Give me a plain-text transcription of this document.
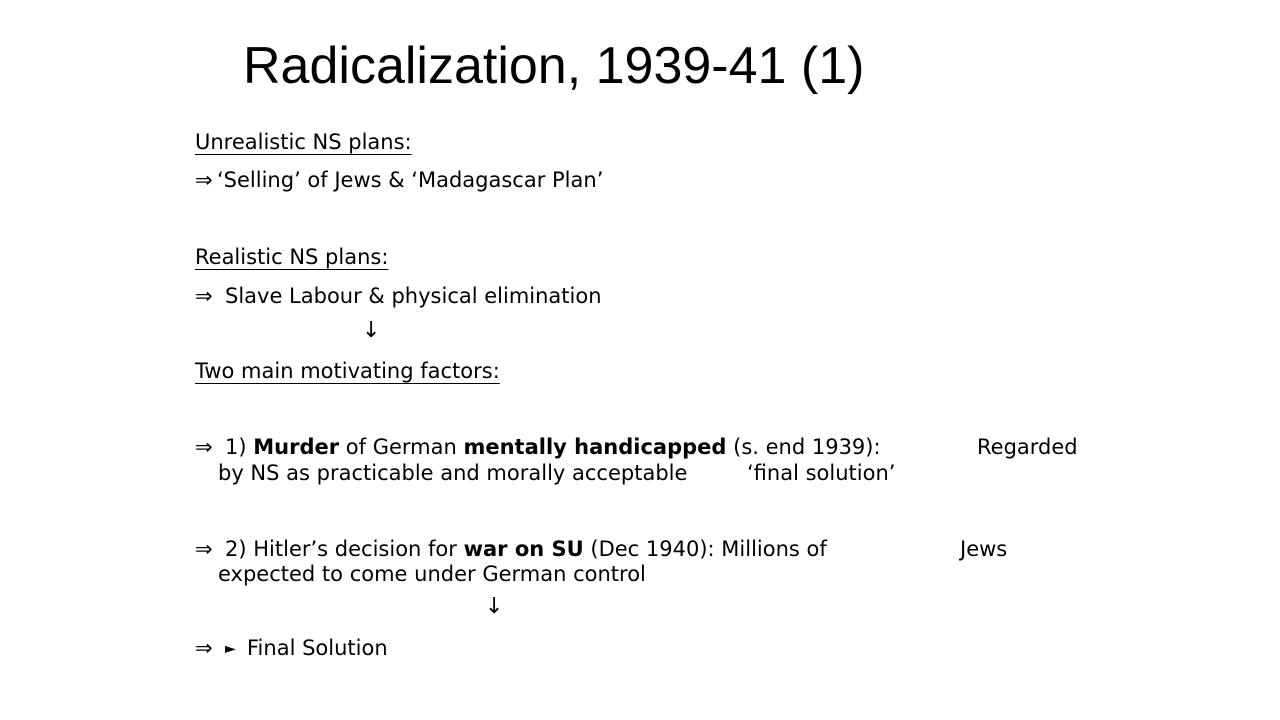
Radicalization, 1939-41 (1)
Unrealistic NS plans:
⇒ ‘Selling’ of Jews & ‘Madagascar Plan’
Realistic NS plans:
⇒ Slave Labour & physical elimination
↓
Two main motivating factors:
⇒ 1) Murder of German mentally handicapped (s. end 1939):	Regarded
by NS as practicable and morally acceptable	‘final solution’
⇒ 2) Hitler’s decision for war on SU (Dec 1940): Millions of	Jews
expected to come under German control
↓
⇒ ► Final Solution
